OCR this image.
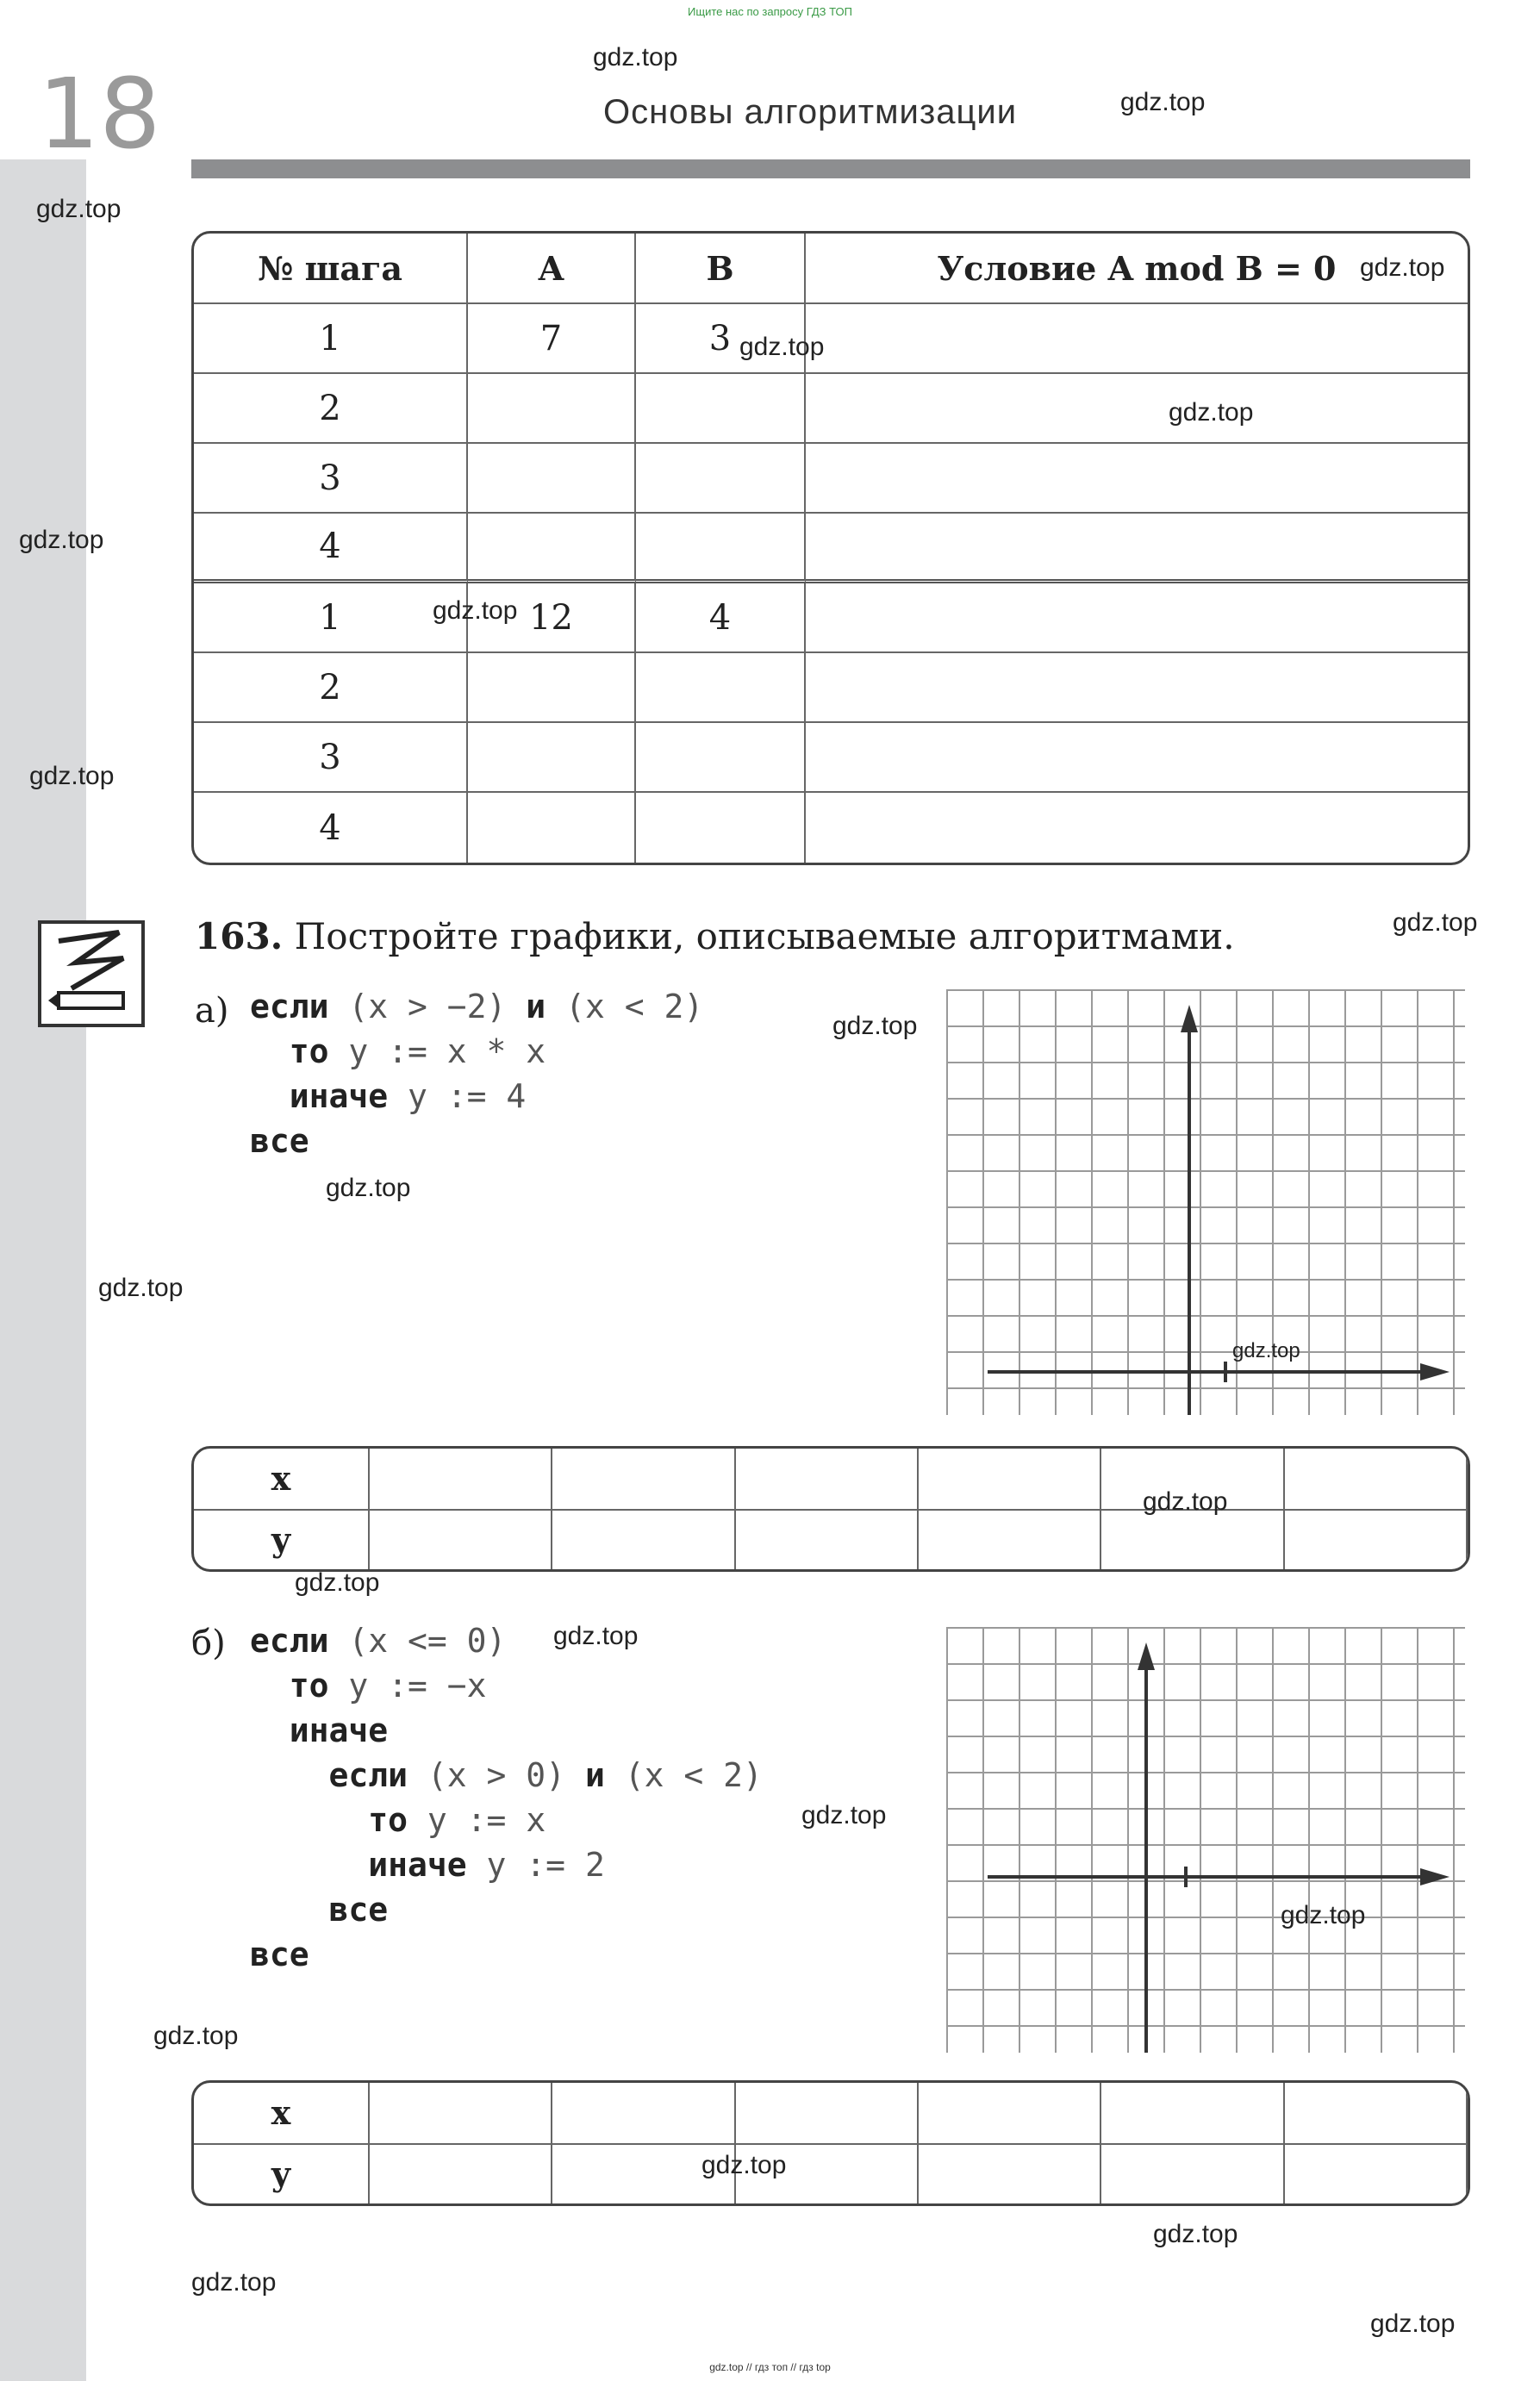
Ищите нас по запросу ГДЗ ТОП
18	Основы алгоритмизации
№ шага	A	B	Условие A mod B = 0
1	7	3	
2			
3			
4			
1	12	4	
2			
3			
4			
163. Постройте графики, описываемые алгоритмами.
а) если (x > −2) и (x < 2)
то y := x * x
иначе y := 4
все
x							
y							
б) если (x <= 0)
то y := −x
иначе
если (x > 0) и (x < 2)
то y := x
иначе y := 2
все
все
x							
y							
gdz.top
gdz.top
gdz.top
gdz.top
gdz.top
gdz.top
gdz.top
gdz.top
gdz.top
gdz.top
gdz.top
gdz.top
gdz.top
gdz.top
gdz.top
gdz.top
gdz.top
gdz.top
gdz.top
gdz.top
gdz.top
gdz.top
gdz.top
gdz.top
gdz.top // гдз топ // гдз top
